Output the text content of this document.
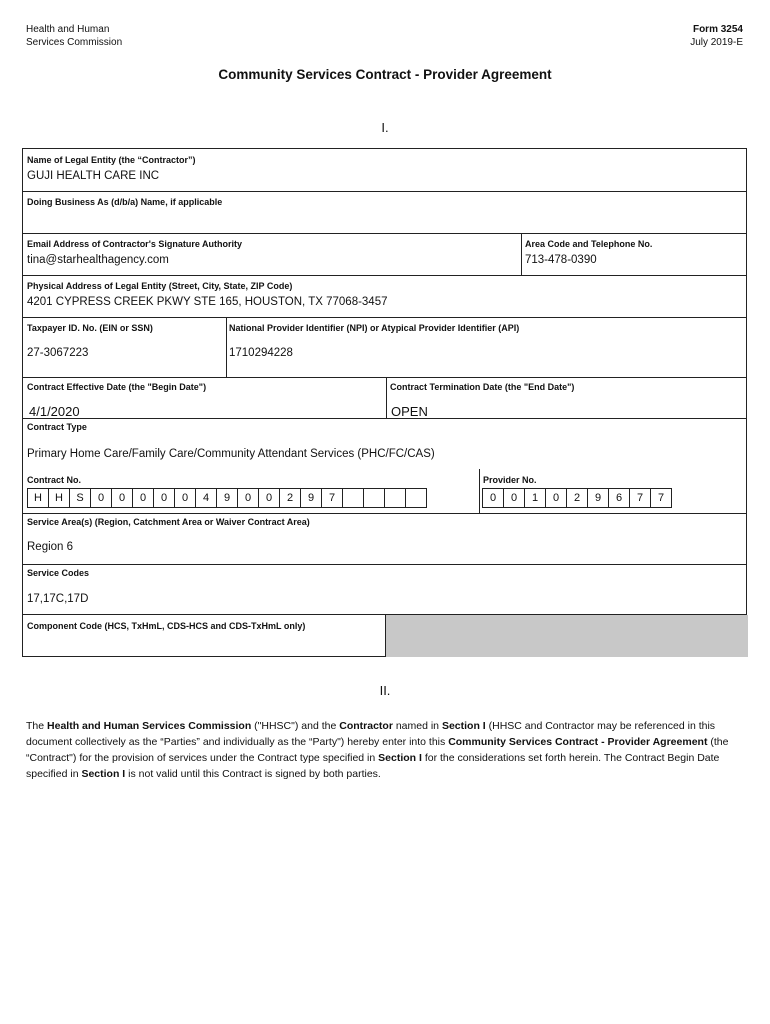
Health and Human
Services Commission
Form 3254
July 2019-E
Community Services Contract - Provider Agreement
I.
Name of Legal Entity (the “Contractor”)
GUJI HEALTH CARE INC
Doing Business As (d/b/a) Name, if applicable
Email Address of Contractor's Signature Authority
tina@starhealthagency.com
Area Code and Telephone No.
713-478-0390
Physical Address of Legal Entity (Street, City, State, ZIP Code)
4201 CYPRESS CREEK PKWY STE 165, HOUSTON, TX 77068-3457
Taxpayer ID. No. (EIN or SSN)
27-3067223
National Provider Identifier (NPI) or Atypical Provider Identifier (API)
1710294228
Contract Effective Date (the "Begin Date")
4/1/2020
Contract Termination Date (the "End Date")
OPEN
Contract Type
Primary Home Care/Family Care/Community Attendant Services (PHC/FC/CAS)
Contract No.
H	H	S	0	0	0	0	0	4	9	0	0	2	9	7
Provider No.
0	0	1	0	2	9	6	7	7
Service Area(s) (Region, Catchment Area or Waiver Contract Area)
Region 6
Service Codes
17,17C,17D
Component Code (HCS, TxHmL, CDS-HCS and CDS-TxHmL only)
II.
The Health and Human Services Commission ("HHSC") and the Contractor named in Section I (HHSC and Contractor may be referenced in this document collectively as the “Parties” and individually as the “Party") hereby enter into this Community Services Contract - Provider Agreement (the “Contract") for the provision of services under the Contract type specified in Section I for the considerations set forth herein. The Contract Begin Date specified in Section I is not valid until this Contract is signed by both parties.
